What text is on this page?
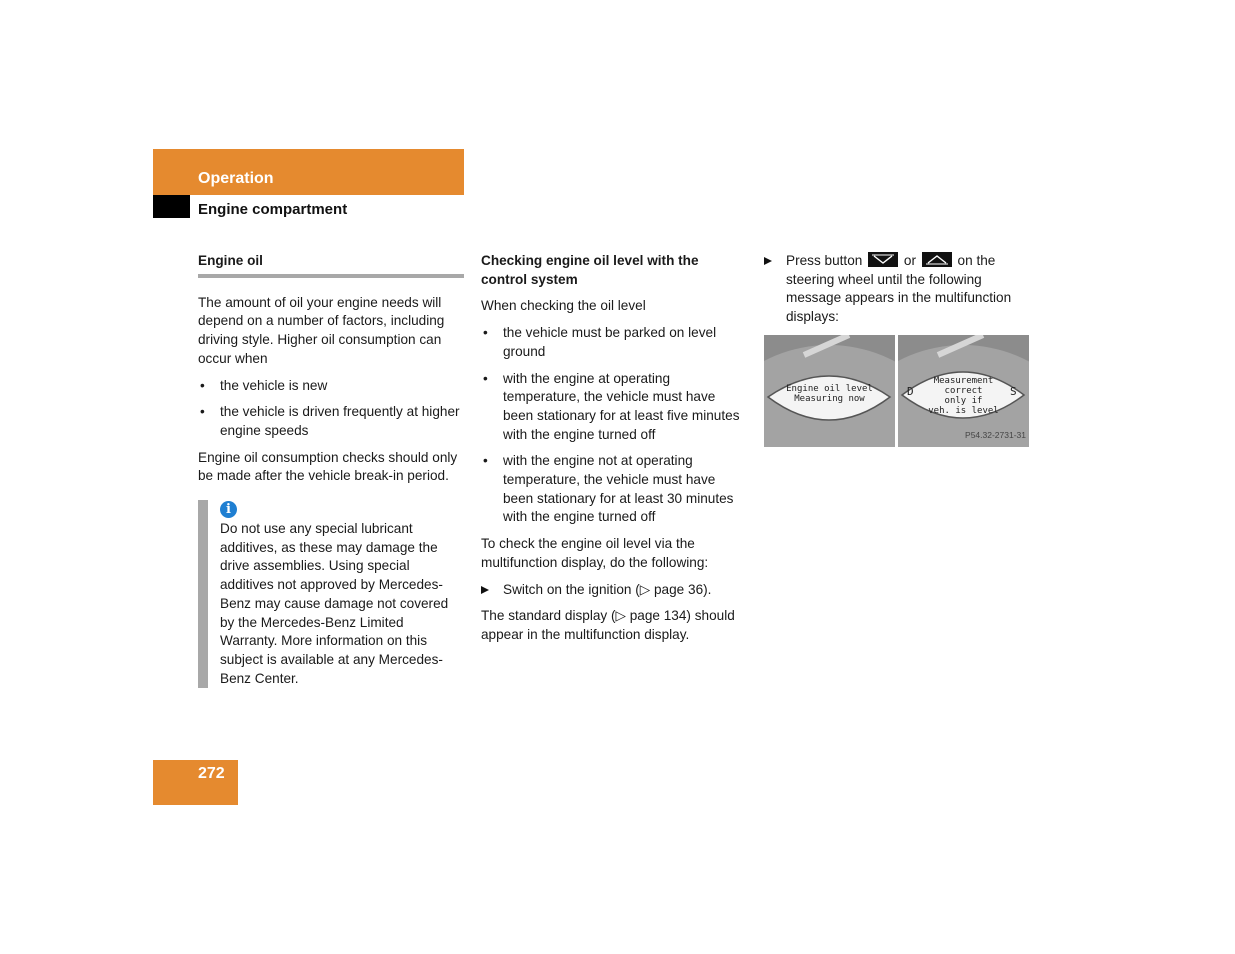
Operation
Engine compartment
Engine oil

The amount of oil your engine needs will depend on a number of factors, including driving style. Higher oil consumption can occur when

• the vehicle is new
• the vehicle is driven frequently at higher engine speeds

Engine oil consumption checks should only be made after the vehicle break-in period.

i
Do not use any special lubricant additives, as these may damage the drive assemblies. Using special additives not approved by Mercedes-Benz may cause damage not covered by the Mercedes-Benz Limited Warranty. More information on this subject is available at any Mercedes-Benz Center.
Checking engine oil level with the control system

When checking the oil level

• the vehicle must be parked on level ground
• with the engine at operating temperature, the vehicle must have been stationary for at least five minutes with the engine turned off
• with the engine not at operating temperature, the vehicle must have been stationary for at least 30 minutes with the engine turned off

To check the engine oil level via the multifunction display, do the following:

Switch on the ignition (▷ page 36).

The standard display (▷ page 134) should appear in the multifunction display.

Press button	or	on the steering wheel until the following message appears in the multifunction displays:
Engine oil level
Measuring now
Measurement
correct
only if
veh. is level
D	S
P54.32-2731-31
272
